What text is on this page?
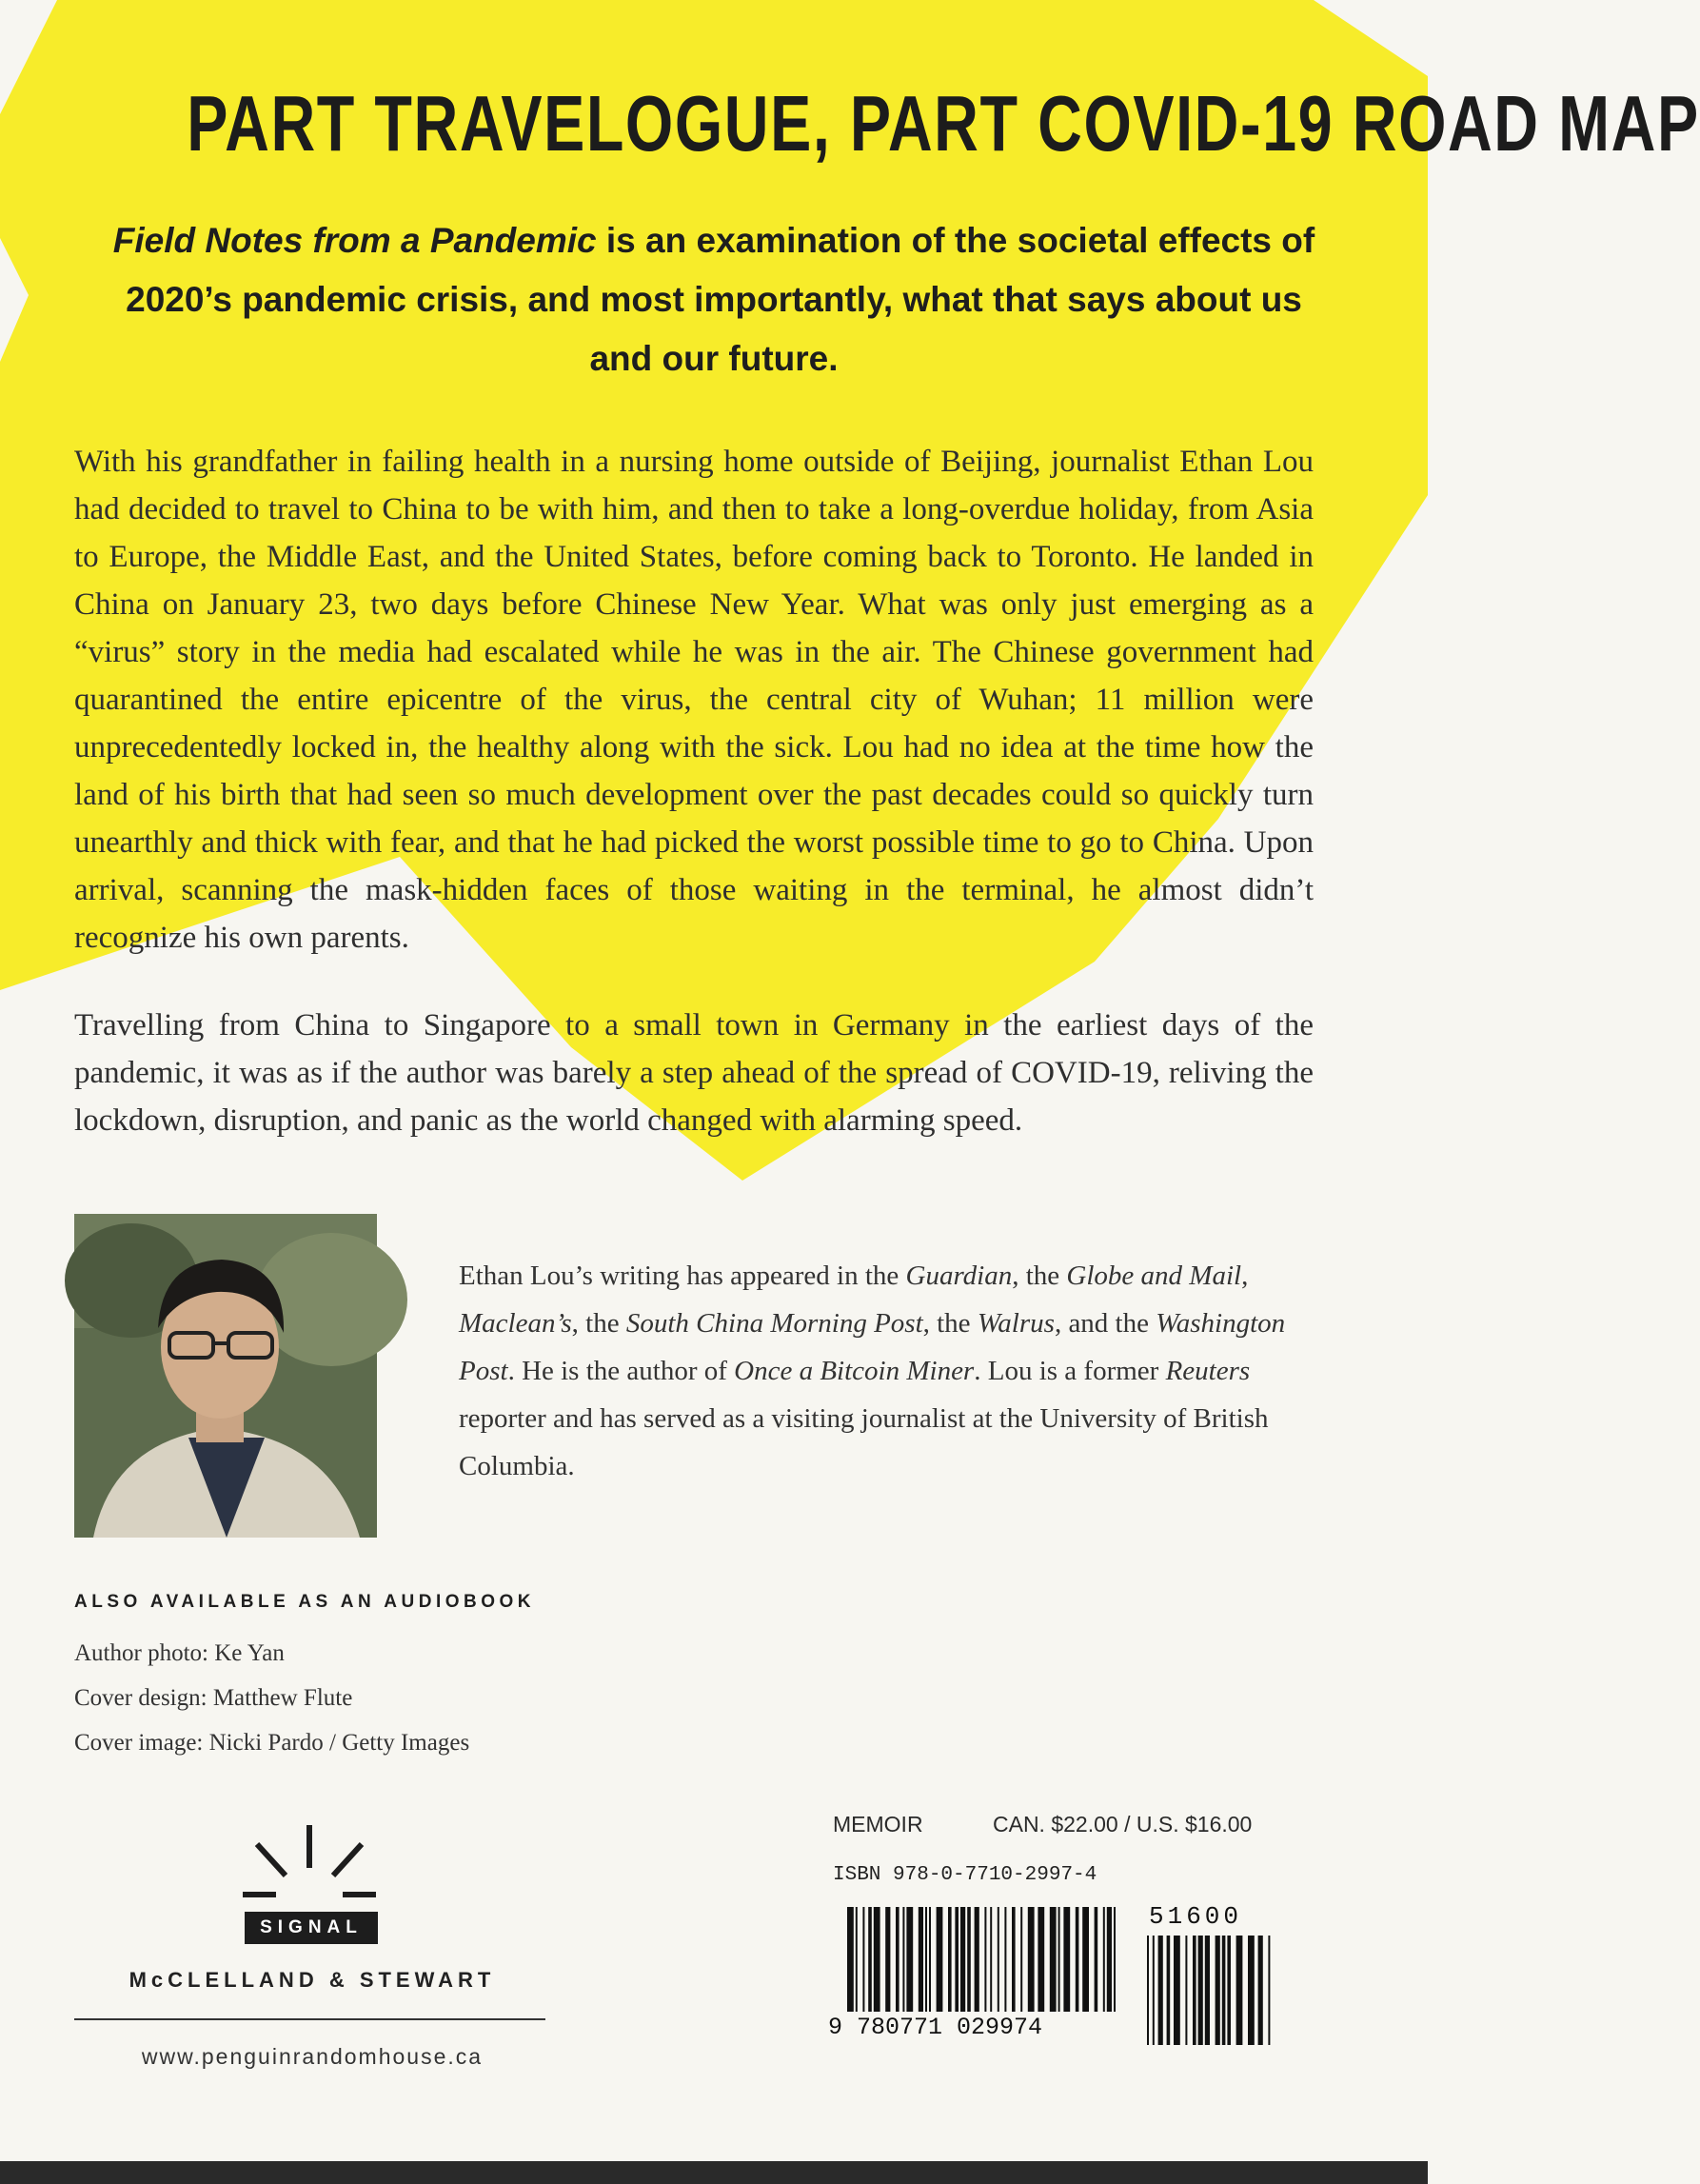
PART TRAVELOGUE, PART COVID-19 ROAD MAP
Field Notes from a Pandemic is an examination of the societal effects of 2020’s pandemic crisis, and most importantly, what that says about us and our future.

With his grandfather in failing health in a nursing home outside of Beijing, journalist Ethan Lou had decided to travel to China to be with him, and then to take a long-overdue holiday, from Asia to Europe, the Middle East, and the United States, before coming back to Toronto. He landed in China on January 23, two days before Chinese New Year. What was only just emerging as a “virus” story in the media had escalated while he was in the air. The Chinese government had quarantined the entire epicentre of the virus, the central city of Wuhan; 11 million were unprecedentedly locked in, the healthy along with the sick. Lou had no idea at the time how the land of his birth that had seen so much development over the past decades could so quickly turn unearthly and thick with fear, and that he had picked the worst possible time to go to China. Upon arrival, scanning the mask-hidden faces of those waiting in the terminal, he almost didn’t recognize his own parents.

Travelling from China to Singapore to a small town in Germany in the earliest days of the pandemic, it was as if the author was barely a step ahead of the spread of COVID-19, reliving the lockdown, disruption, and panic as the world changed with alarming speed.

Ethan Lou’s writing has appeared in the Guardian, the Globe and Mail, Maclean’s, the South China Morning Post, the Walrus, and the Washington Post. He is the author of Once a Bitcoin Miner. Lou is a former Reuters reporter and has served as a visiting journalist at the University of British Columbia.
ALSO AVAILABLE AS AN AUDIOBOOK
Author photo: Ke Yan
Cover design: Matthew Flute
Cover image: Nicki Pardo / Getty Images
SIGNAL
McCLELLAND & STEWART
www.penguinrandomhouse.ca
MEMOIR	CAN. $22.00 / U.S. $16.00
ISBN 978-0-7710-2997-4
9 780771 029974
51600
